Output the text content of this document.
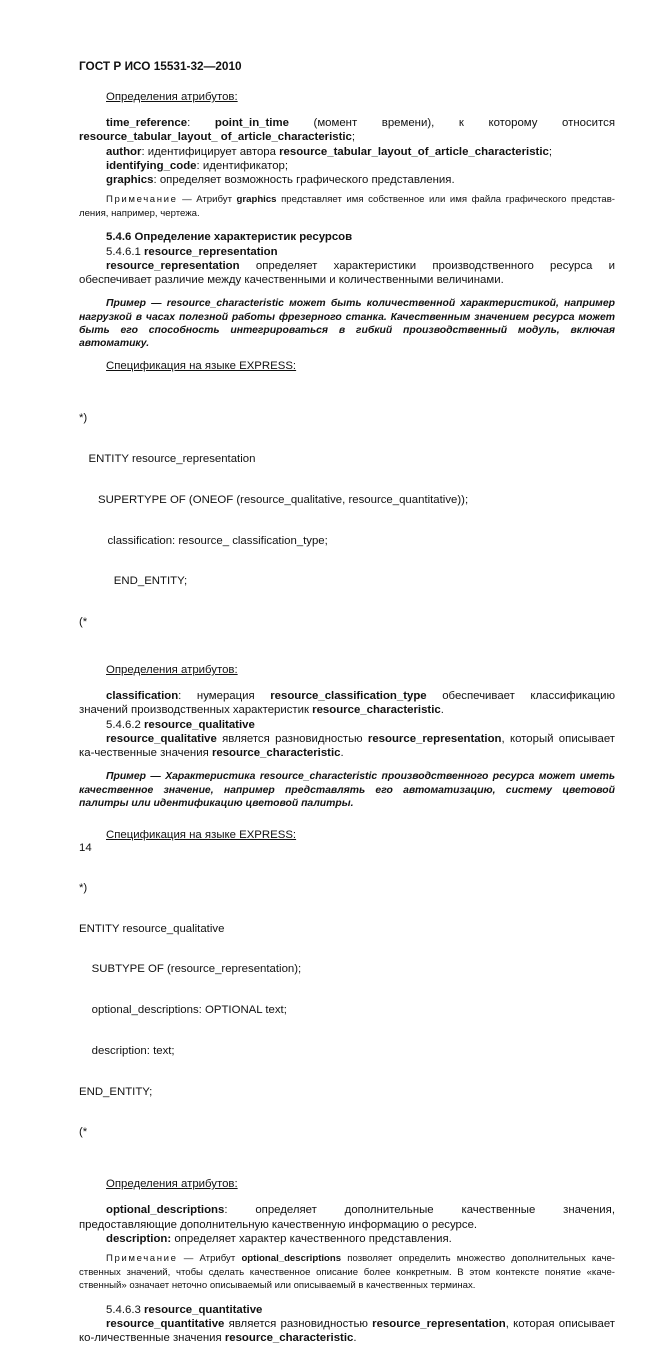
ГОСТ Р ИСО 15531-32—2010

Определения атрибутов:

time_reference: point_in_time (момент времени), к которому относится resource_tabular_layout_ of_article_characteristic;

author: идентифицирует автора resource_tabular_layout_of_article_characteristic;

identifying_code: идентификатор;

graphics: определяет возможность графического представления.

Примечание — Атрибут graphics представляет имя собственное или имя файла графического представ-ления, например, чертежа.

5.4.6 Определение характеристик ресурсов

5.4.6.1 resource_representation

resource_representation определяет характеристики производственного ресурса и обеспечивает различие между качественными и количественными величинами.

Пример — resource_characteristic может быть количественной характеристикой, например нагрузкой в часах полезной работы фрезерного станка. Качественным значением ресурса может быть его способность интегрироваться в гибкий производственный модуль, включая автоматику.

Спецификация на языке EXPRESS:

*)

ENTITY resource_representation

SUPERTYPE OF (ONEOF (resource_qualitative, resource_quantitative));

classification: resource_ classification_type;

END_ENTITY;

(*

Определения атрибутов:

classification: нумерация resource_classification_type обеспечивает классификацию значений производственных характеристик resource_characteristic.

5.4.6.2 resource_qualitative

resource_qualitative является разновидностью resource_representation, который описывает ка-чественные значения resource_characteristic.

Пример — Характеристика resource_characteristic производственного ресурса может иметь качественное значение, например представлять его автоматизацию, систему цветовой палитры или идентификацию цветовой палитры.

Спецификация на языке EXPRESS:

*)

ENTITY resource_qualitative

SUBTYPE OF (resource_representation);

optional_descriptions: OPTIONAL text;

description: text;

END_ENTITY;

(*

Определения атрибутов:

optional_descriptions: определяет дополнительные качественные значения, предоставляющие дополнительную качественную информацию о ресурсе.

description: определяет характер качественного представления.

Примечание — Атрибут optional_descriptions позволяет определить множество дополнительных каче-ственных значений, чтобы сделать качественное описание более конкретным. В этом контексте понятие «каче-ственный» означает неточно описываемый или описываемый в качественных терминах.

5.4.6.3 resource_quantitative

resource_quantitative является разновидностью resource_representation, которая описывает ко-личественные значения resource_characteristic.

14
